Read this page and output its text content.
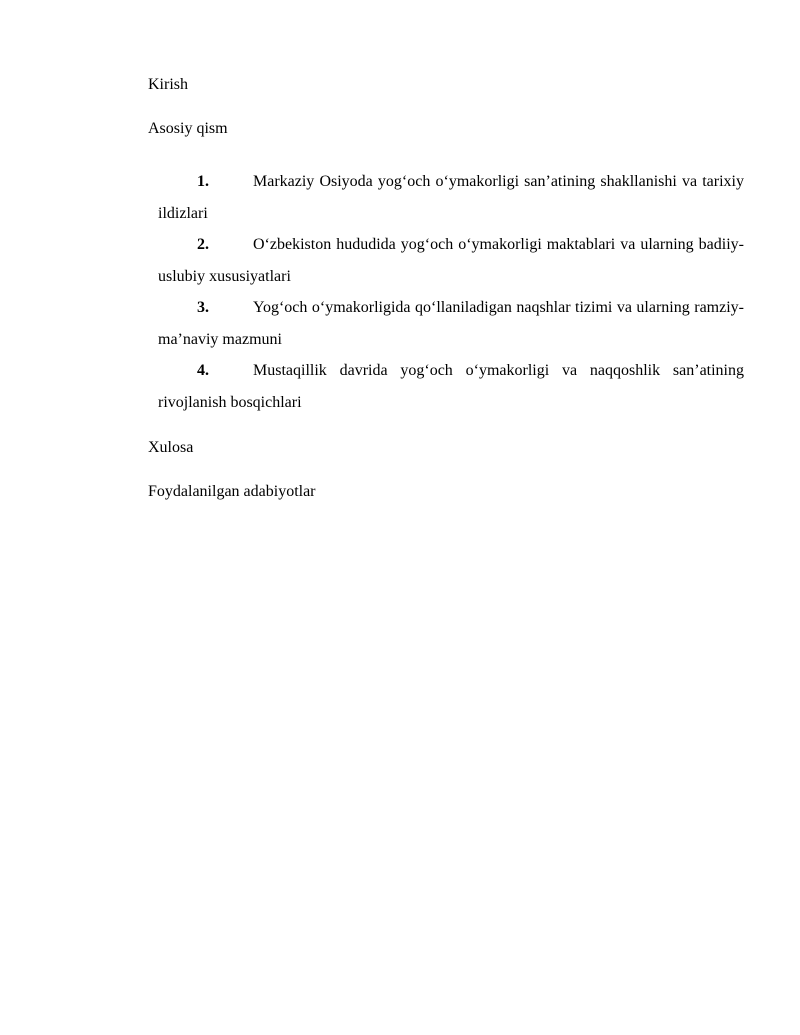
Kirish
Asosiy qism
1.	Markaziy Osiyoda yog‘och o‘ymakorligi san’atining shakllanishi va tarixiy ildizlari
2.	O‘zbekiston hududida yog‘och o‘ymakorligi maktablari va ularning badiiy-uslubiy xususiyatlari
3.	Yog‘och o‘ymakorligida qo‘llaniladigan naqshlar tizimi va ularning ramziy-ma’naviy mazmuni
4.	Mustaqillik davrida yog‘och o‘ymakorligi va naqqoshlik san’atining rivojlanish bosqichlari
Xulosa
Foydalanilgan adabiyotlar
